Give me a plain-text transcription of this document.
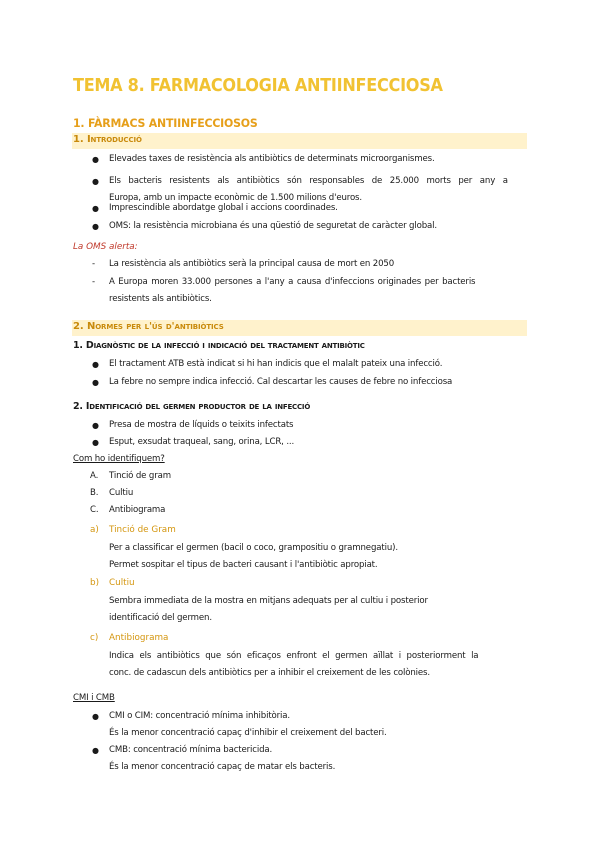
TEMA 8. FARMACOLOGIA ANTIINFECCIOSA
1. FÀRMACS ANTIINFECCIOSOS
1. Introducció
● Elevades taxes de resistència als antibiòtics de determinats microorganismes.
● Els bacteris resistents als antibiòtics són responsables de 25.000 morts per any a
Europa, amb un impacte econòmic de 1.500 milions d'euros.
● Imprescindible abordatge global i accions coordinades.
● OMS: la resistència microbiana és una qüestió de seguretat de caràcter global.
La OMS alerta:
- La resistència als antibiòtics serà la principal causa de mort en 2050
- A Europa moren 33.000 persones a l'any a causa d'infeccions originades per bacteris
resistents als antibiòtics.
2. Normes per l'ús d'antibiòtics
1. Diagnòstic de la infecció i indicació del tractament antibiòtic
● El tractament ATB està indicat si hi han indicis que el malalt pateix una infecció.
● La febre no sempre indica infecció. Cal descartar les causes de febre no infecciosa
2. Identificació del germen productor de la infecció
● Presa de mostra de líquids o teixits infectats
● Esput, exsudat traqueal, sang, orina, LCR, ...
Com ho identifiquem?
A. Tinció de gram
B. Cultiu
C. Antibiograma
a) Tinció de Gram
Per a classificar el germen (bacil o coco, grampositiu o gramnegatiu).
Permet sospitar el tipus de bacteri causant i l'antibiòtic apropiat.
b) Cultiu
Sembra immediata de la mostra en mitjans adequats per al cultiu i posterior
identificació del germen.
c) Antibiograma
Indica els antibiòtics que són eficaços enfront el germen aïllat i posteriorment la
conc. de cadascun dels antibiòtics per a inhibir el creixement de les colònies.
CMI i CMB
● CMI o CIM: concentració mínima inhibitòria.
És la menor concentració capaç d'inhibir el creixement del bacteri.
● CMB: concentració mínima bactericida.
És la menor concentració capaç de matar els bacteris.
